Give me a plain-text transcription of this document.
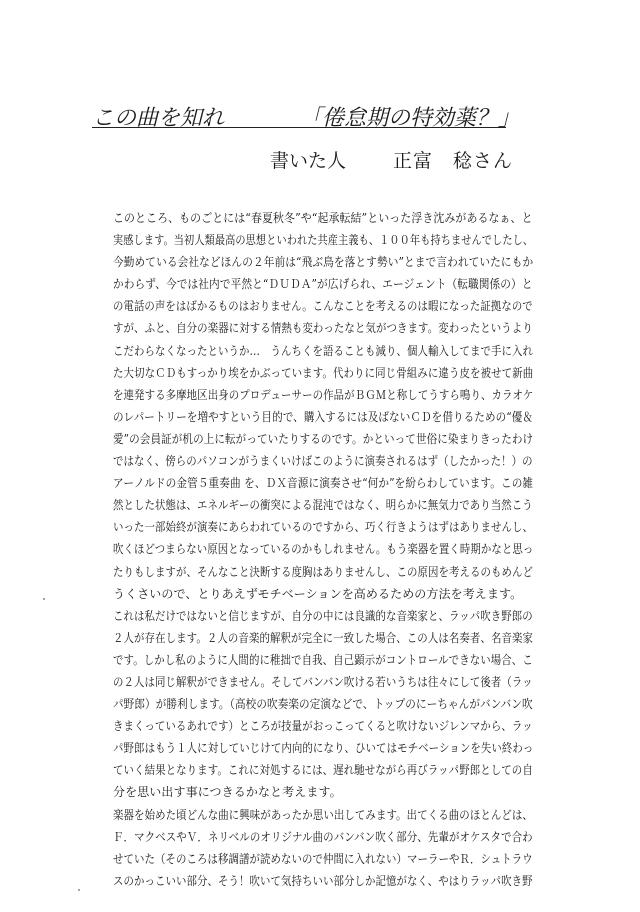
この曲を知れ	「倦怠期の特効薬？」
書いた人 正富　稔さん
このところ、ものごとには“春夏秋冬”や“起承転結”といった浮き沈みがあるなぁ、と
実感します。当初人類最高の思想といわれた共産主義も、１００年も持ちませんでしたし、
今勤めている会社などほんの２年前は“飛ぶ鳥を落とす勢い”とまで言われていたにもか
かわらず、今では社内で平然と“ＤＵＤＡ”が広げられ、エージェント（転職関係の）と
の電話の声をはばかるものはおりません。こんなことを考えるのは暇になった証拠なので
すが、ふと、自分の楽器に対する情熱も変わったなと気がつきます。変わったというより
こだわらなくなったというか…　うんちくを語ることも減り、個人輸入してまで手に入れ
た大切なＣＤもすっかり埃をかぶっています。代わりに同じ骨組みに違う皮を被せて新曲
を連発する多摩地区出身のプロデューサーの作品がＢＧＭと称してうすら鳴り、カラオケ
のレパートリーを増やすという目的で、購入するには及ばないＣＤを借りるための“優＆
愛”の会員証が机の上に転がっていたりするのです。かといって世俗に染まりきったわけ
ではなく、傍らのパソコンがうまくいけばこのように演奏されるはず（したかった！）の
アーノルドの金管５重奏曲 を、ＤＸ音源に演奏させ“何か”を紛らわしています。この雑
然とした状態は、エネルギーの衝突による混沌ではなく、明らかに無気力であり当然こう
いった一部始終が演奏にあらわれているのですから、巧く行きようはずはありませんし、
吹くほどつまらない原因となっているのかもしれません。もう楽器を置く時期かなと思っ
たりもしますが、そんなこと決断する度胸はありませんし、この原因を考えるのもめんど
うくさいので、とりあえずモチベーションを高めるための方法を考えます。
これは私だけではないと信じますが、自分の中には良識的な音楽家と、ラッパ吹き野郎の
２人が存在します。２人の音楽的解釈が完全に一致した場合、この人は名奏者、名音楽家
です。しかし私のように人間的に稚拙で自我、自己顕示がコントロールできない場合、こ
の２人は同じ解釈ができません。そしてバンバン吹ける若いうちは往々にして後者（ラッ
パ野郎）が勝利します。（高校の吹奏楽の定演などで、トップのにーちゃんがバンバン吹
きまくっているあれです）ところが技量がおっこってくると吹けないジレンマから、ラッ
パ野郎はもう１人に対していじけて内向的になり、ひいてはモチベーションを失い終わっ
ていく結果となります。これに対処するには、遅れ馳せながら再びラッパ野郎としての自
分を思い出す事につきるかなと考えます。
楽器を始めた頃どんな曲に興味があったか思い出してみます。出てくる曲のほとんどは、
Ｆ．マクベスやＶ．ネリベルのオリジナル曲のバンバン吹く部分、先輩がオケスタで合わ
せていた（そのころは移調譜が読めないので仲間に入れない）マーラーやＲ．シュトラウ
スのかっこいい部分、そう！吹いて気持ちいい部分しか記憶がなく、やはりラッパ吹き野
